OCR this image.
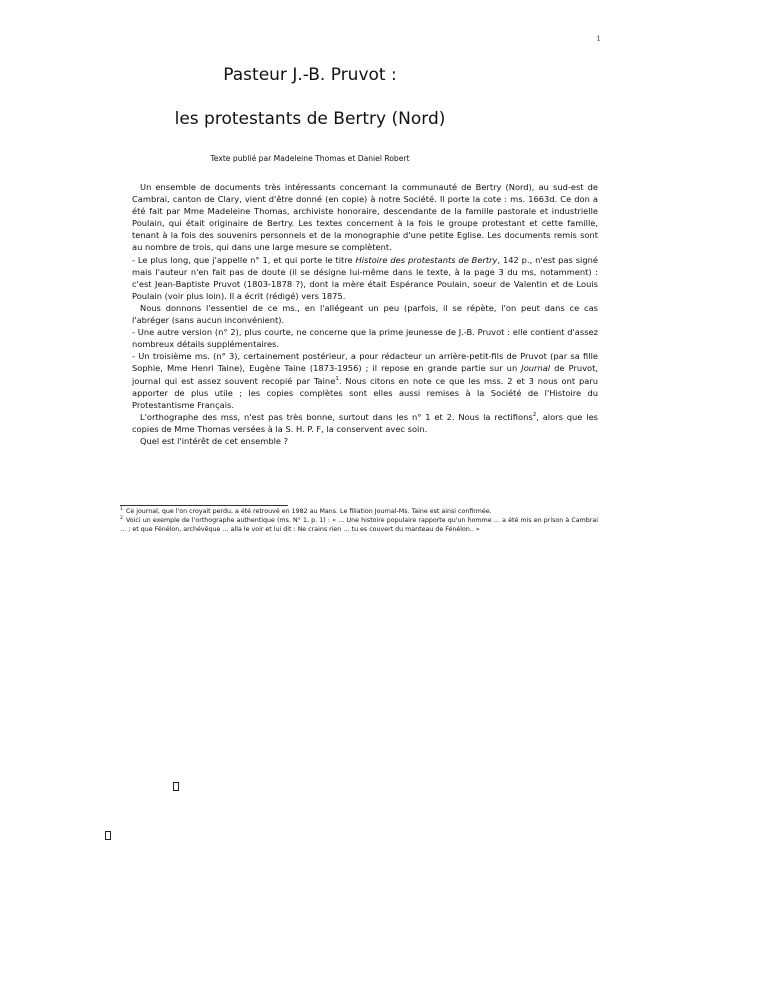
1
Pasteur J.-B. Pruvot :
les protestants de Bertry (Nord)
Texte publié par Madeleine Thomas et Daniel Robert

Un ensemble de documents très intéressants concernant la communauté de Bertry (Nord), au sud-est de Cambrai, canton de Clary, vient d'être donné (en copie) à notre Société. Il porte la cote : ms. 1663d. Ce don a été fait par Mme Madeleine Thomas, archiviste honoraire, descendante de la famille pastorale et industrielle Poulain, qui était originaire de Bertry. Les textes concernent à la fois le groupe protestant et cette famille, tenant à la fois des souvenirs personnels et de la monographie d'une petite Eglise. Les documents remis sont au nombre de trois, qui dans une large mesure se complètent.

- Le plus long, que j'appelle n° 1, et qui porte le titre Histoire des protestants de Bertry, 142 p., n'est pas signé mais l'auteur n'en fait pas de doute (il se désigne lui-même dans le texte, à la page 3 du ms, notamment) : c'est Jean-Baptiste Pruvot (1803-1878 ?), dont la mère était Espérance Poulain, soeur de Valentin et de Louis Poulain (voir plus loin). Il a écrit (rédigé) vers 1875.

Nous donnons l'essentiel de ce ms., en l'allégeant un peu (parfois, il se répète, l'on peut dans ce cas l'abréger (sans aucun inconvénient).

- Une autre version (n° 2), plus courte, ne concerne que la prime jeunesse de J.-B. Pruvot : elle contient d'assez nombreux détails supplémentaires.

- Un troisième ms. (n° 3), certainement postérieur, a pour rédacteur un arrière-petit-fils de Pruvot (par sa fille Sophie, Mme Henri Taine), Eugène Taine (1873-1956) ; il repose en grande partie sur un Journal de Pruvot, journal qui est assez souvent recopié par Taine$^1$. Nous citons en note ce que les mss. 2 et 3 nous ont paru apporter de plus utile ; les copies complètes sont elles aussi remises à la Société de l'Histoire du Protestantisme Français.

L'orthographe des mss, n'est pas très bonne, surtout dans les n° 1 et 2. Nous la rectifions$^2$, alors que les copies de Mme Thomas versées à la S. H. P. F, la conservent avec soin.

Quel est l'intérêt de cet ensemble ?

$^1$ Ce journal, que l'on croyait perdu, a été retrouvé en 1982 au Mans. Le filiation Journal-Ms. Taine est ainsi confirmée.

$^2$ Voici un exemple de l'orthographe authentique (ms. N° 1, p. 1) : « … Une histoire populaire rapporte qu'un homme … a été mis en prison à Cambrai … ; et que Fénélon, archévêque … alla le voir et lui dit : Ne crains rien … tu es couvert du manteau de Fénélon.. »
